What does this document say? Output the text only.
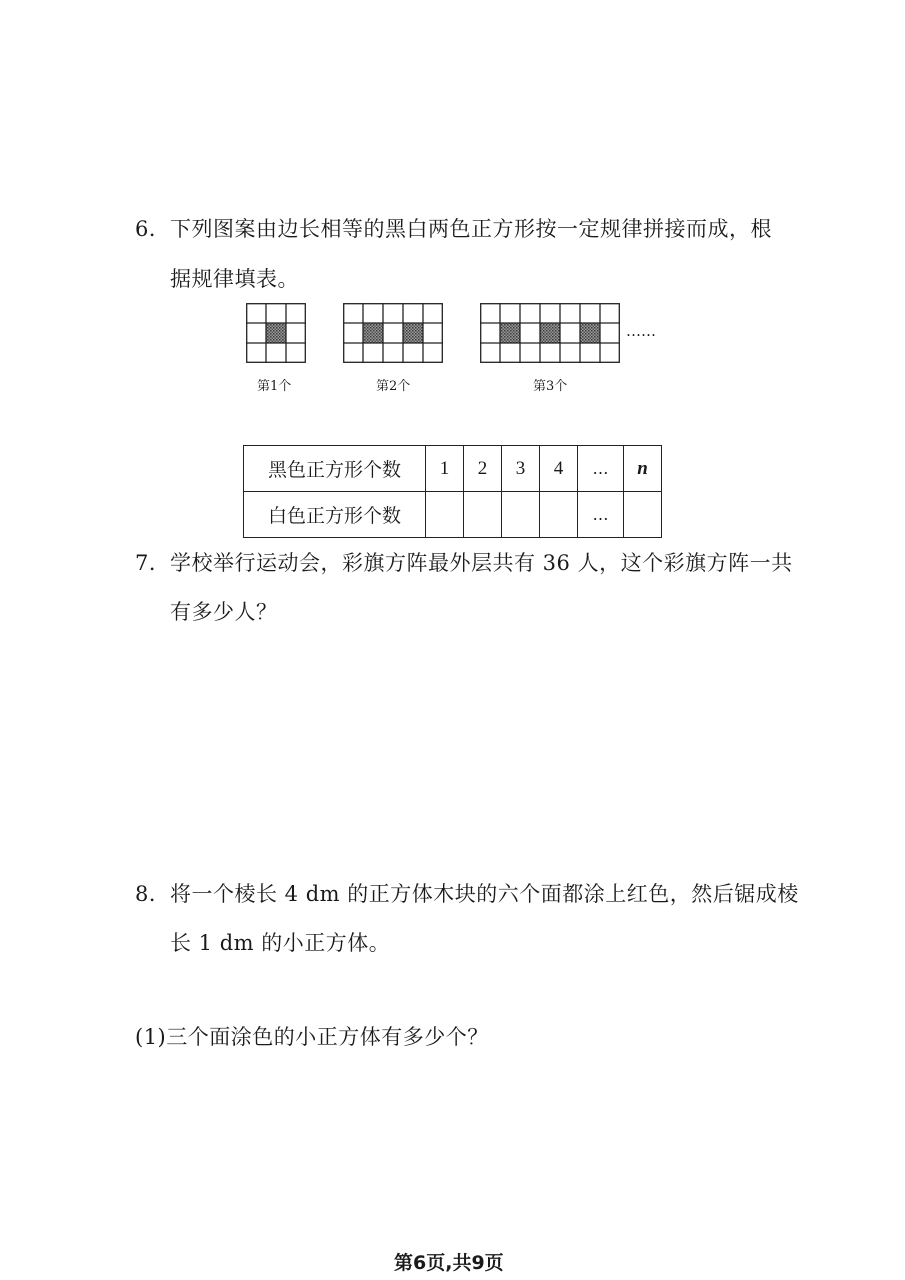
6． 下列图案由边长相等的黑白两色正方形按一定规律拼接而成，根
据规律填表。
……
第1个	第2个	第3个
黑色正方形个数	1	2	3	4	…	n
白色正方形个数					…	
7． 学校举行运动会，彩旗方阵最外层共有 36 人，这个彩旗方阵一共
有多少人？
8． 将一个棱长 4 dm 的正方体木块的六个面都涂上红色，然后锯成棱
长 1 dm 的小正方体。
(1)三个面涂色的小正方体有多少个？
第6页,共9页
